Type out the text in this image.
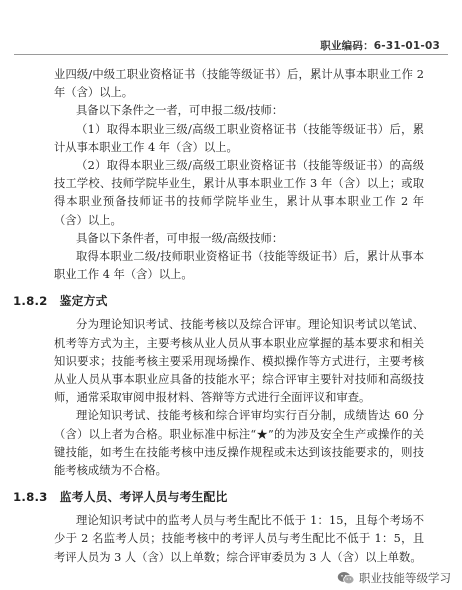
职业编码：6-31-01-03

业四级/中级工职业资格证书（技能等级证书）后，累计从事本职业工作 2 年（含）以上。

具备以下条件之一者，可申报二级/技师：

（1）取得本职业三级/高级工职业资格证书（技能等级证书）后，累计从事本职业工作 4 年（含）以上。

（2）取得本职业三级/高级工职业资格证书（技能等级证书）的高级技工学校、技师学院毕业生，累计从事本职业工作 3 年（含）以上；或取得本职业预备技师证书的技师学院毕业生，累计从事本职业工作 2 年（含）以上。

具备以下条件者，可申报一级/高级技师：

取得本职业二级/技师职业资格证书（技能等级证书）后，累计从事本职业工作 4 年（含）以上。

1.8.2 鉴定方式

分为理论知识考试、技能考核以及综合评审。理论知识考试以笔试、机考等方式为主，主要考核从业人员从事本职业应掌握的基本要求和相关知识要求；技能考核主要采用现场操作、模拟操作等方式进行，主要考核从业人员从事本职业应具备的技能水平；综合评审主要针对技师和高级技师，通常采取审阅申报材料、答辩等方式进行全面评议和审查。

理论知识考试、技能考核和综合评审均实行百分制，成绩皆达 60 分（含）以上者为合格。职业标准中标注“★”的为涉及安全生产或操作的关键技能，如考生在技能考核中违反操作规程或未达到该技能要求的，则技能考核成绩为不合格。

1.8.3 监考人员、考评人员与考生配比

理论知识考试中的监考人员与考生配比不低于 1：15，且每个考场不少于 2 名监考人员；技能考核中的考评人员与考生配比不低于 1：5，且考评人员为 3 人（含）以上单数；综合评审委员为 3 人（含）以上单数。

职业技能等级学习
